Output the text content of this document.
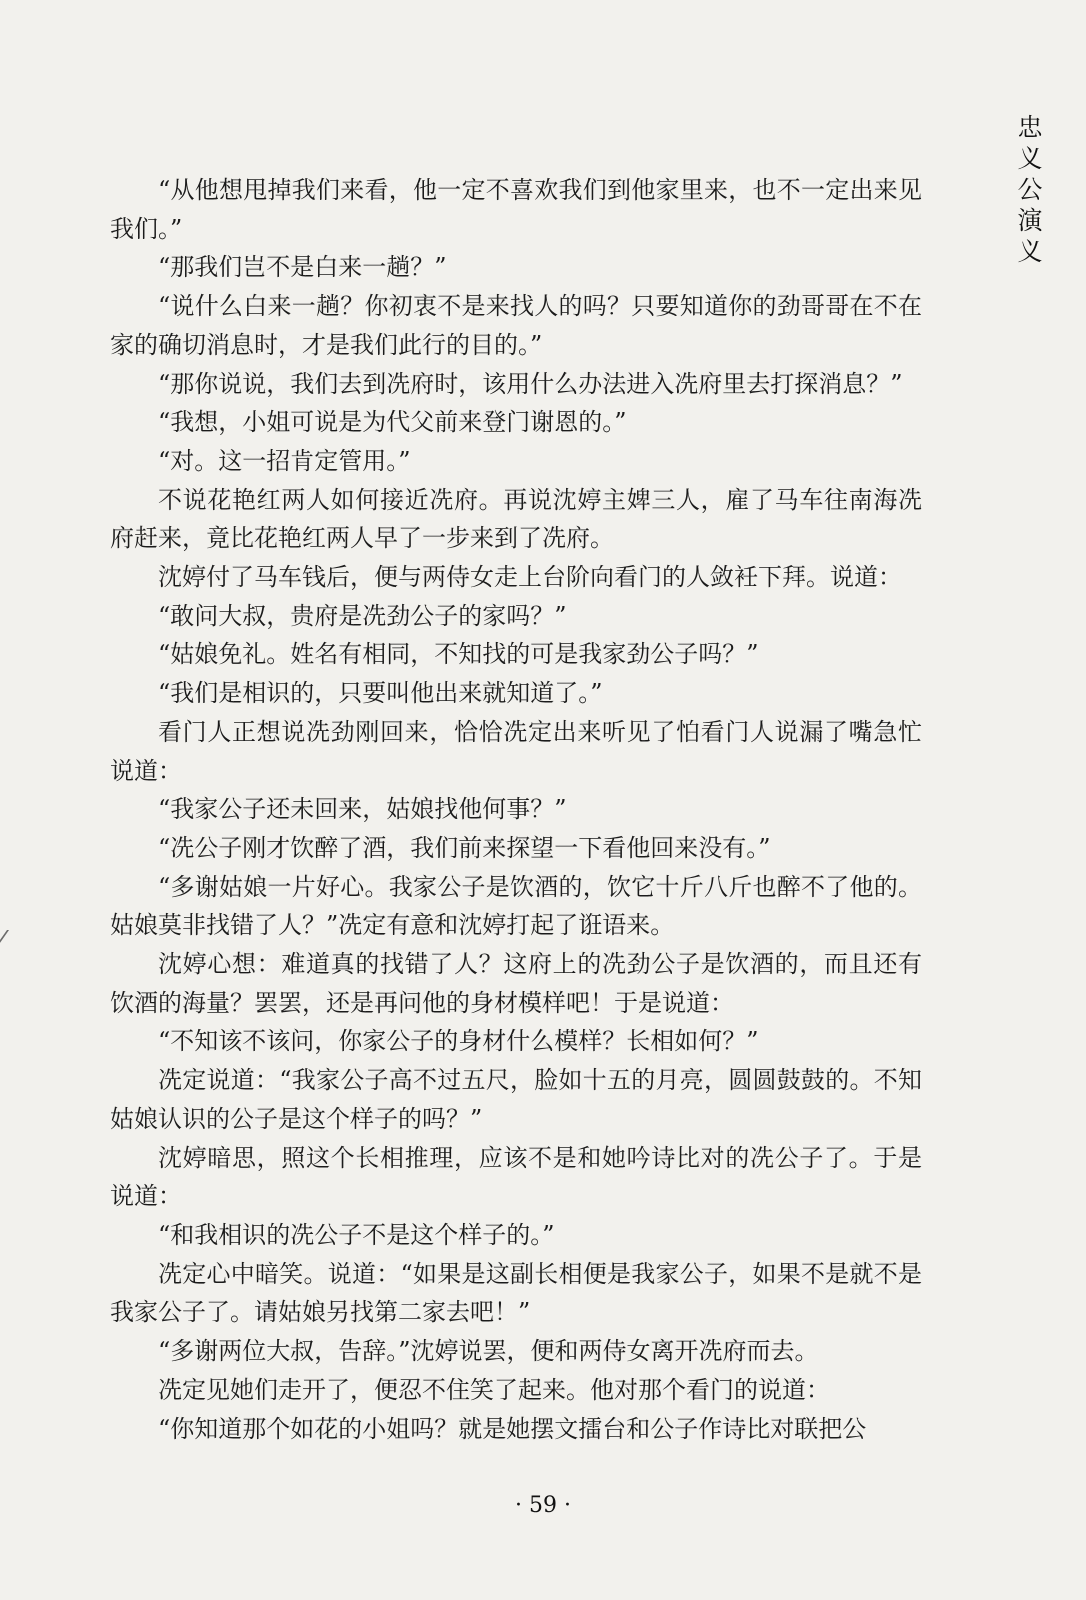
忠
义
公
演
义

“从他想甩掉我们来看，他一定不喜欢我们到他家里来，也不一定出来见我们。”

“那我们岂不是白来一趟？”

“说什么白来一趟？你初衷不是来找人的吗？只要知道你的劲哥哥在不在家的确切消息时，才是我们此行的目的。”

“那你说说，我们去到冼府时，该用什么办法进入冼府里去打探消息？”

“我想，小姐可说是为代父前来登门谢恩的。”

“对。这一招肯定管用。”

不说花艳红两人如何接近冼府。再说沈婷主婢三人，雇了马车往南海冼府赶来，竟比花艳红两人早了一步来到了冼府。

沈婷付了马车钱后，便与两侍女走上台阶向看门的人敛衽下拜。说道：

“敢问大叔，贵府是冼劲公子的家吗？”

“姑娘免礼。姓名有相同，不知找的可是我家劲公子吗？”

“我们是相识的，只要叫他出来就知道了。”

看门人正想说冼劲刚回来，恰恰冼定出来听见了怕看门人说漏了嘴急忙说道：

“我家公子还未回来，姑娘找他何事？”

“冼公子刚才饮醉了酒，我们前来探望一下看他回来没有。”

“多谢姑娘一片好心。我家公子是饮酒的，饮它十斤八斤也醉不了他的。姑娘莫非找错了人？”冼定有意和沈婷打起了诳语来。

沈婷心想：难道真的找错了人？这府上的冼劲公子是饮酒的，而且还有饮酒的海量？罢罢，还是再问他的身材模样吧！于是说道：

“不知该不该问，你家公子的身材什么模样？长相如何？”

冼定说道：“我家公子高不过五尺，脸如十五的月亮，圆圆鼓鼓的。不知姑娘认识的公子是这个样子的吗？”

沈婷暗思，照这个长相推理，应该不是和她吟诗比对的冼公子了。于是说道：

“和我相识的冼公子不是这个样子的。”

冼定心中暗笑。说道：“如果是这副长相便是我家公子，如果不是就不是我家公子了。请姑娘另找第二家去吧！”

“多谢两位大叔，告辞。”沈婷说罢，便和两侍女离开冼府而去。

冼定见她们走开了，便忍不住笑了起来。他对那个看门的说道：

“你知道那个如花的小姐吗？就是她摆文擂台和公子作诗比对联把公

· 59 ·
